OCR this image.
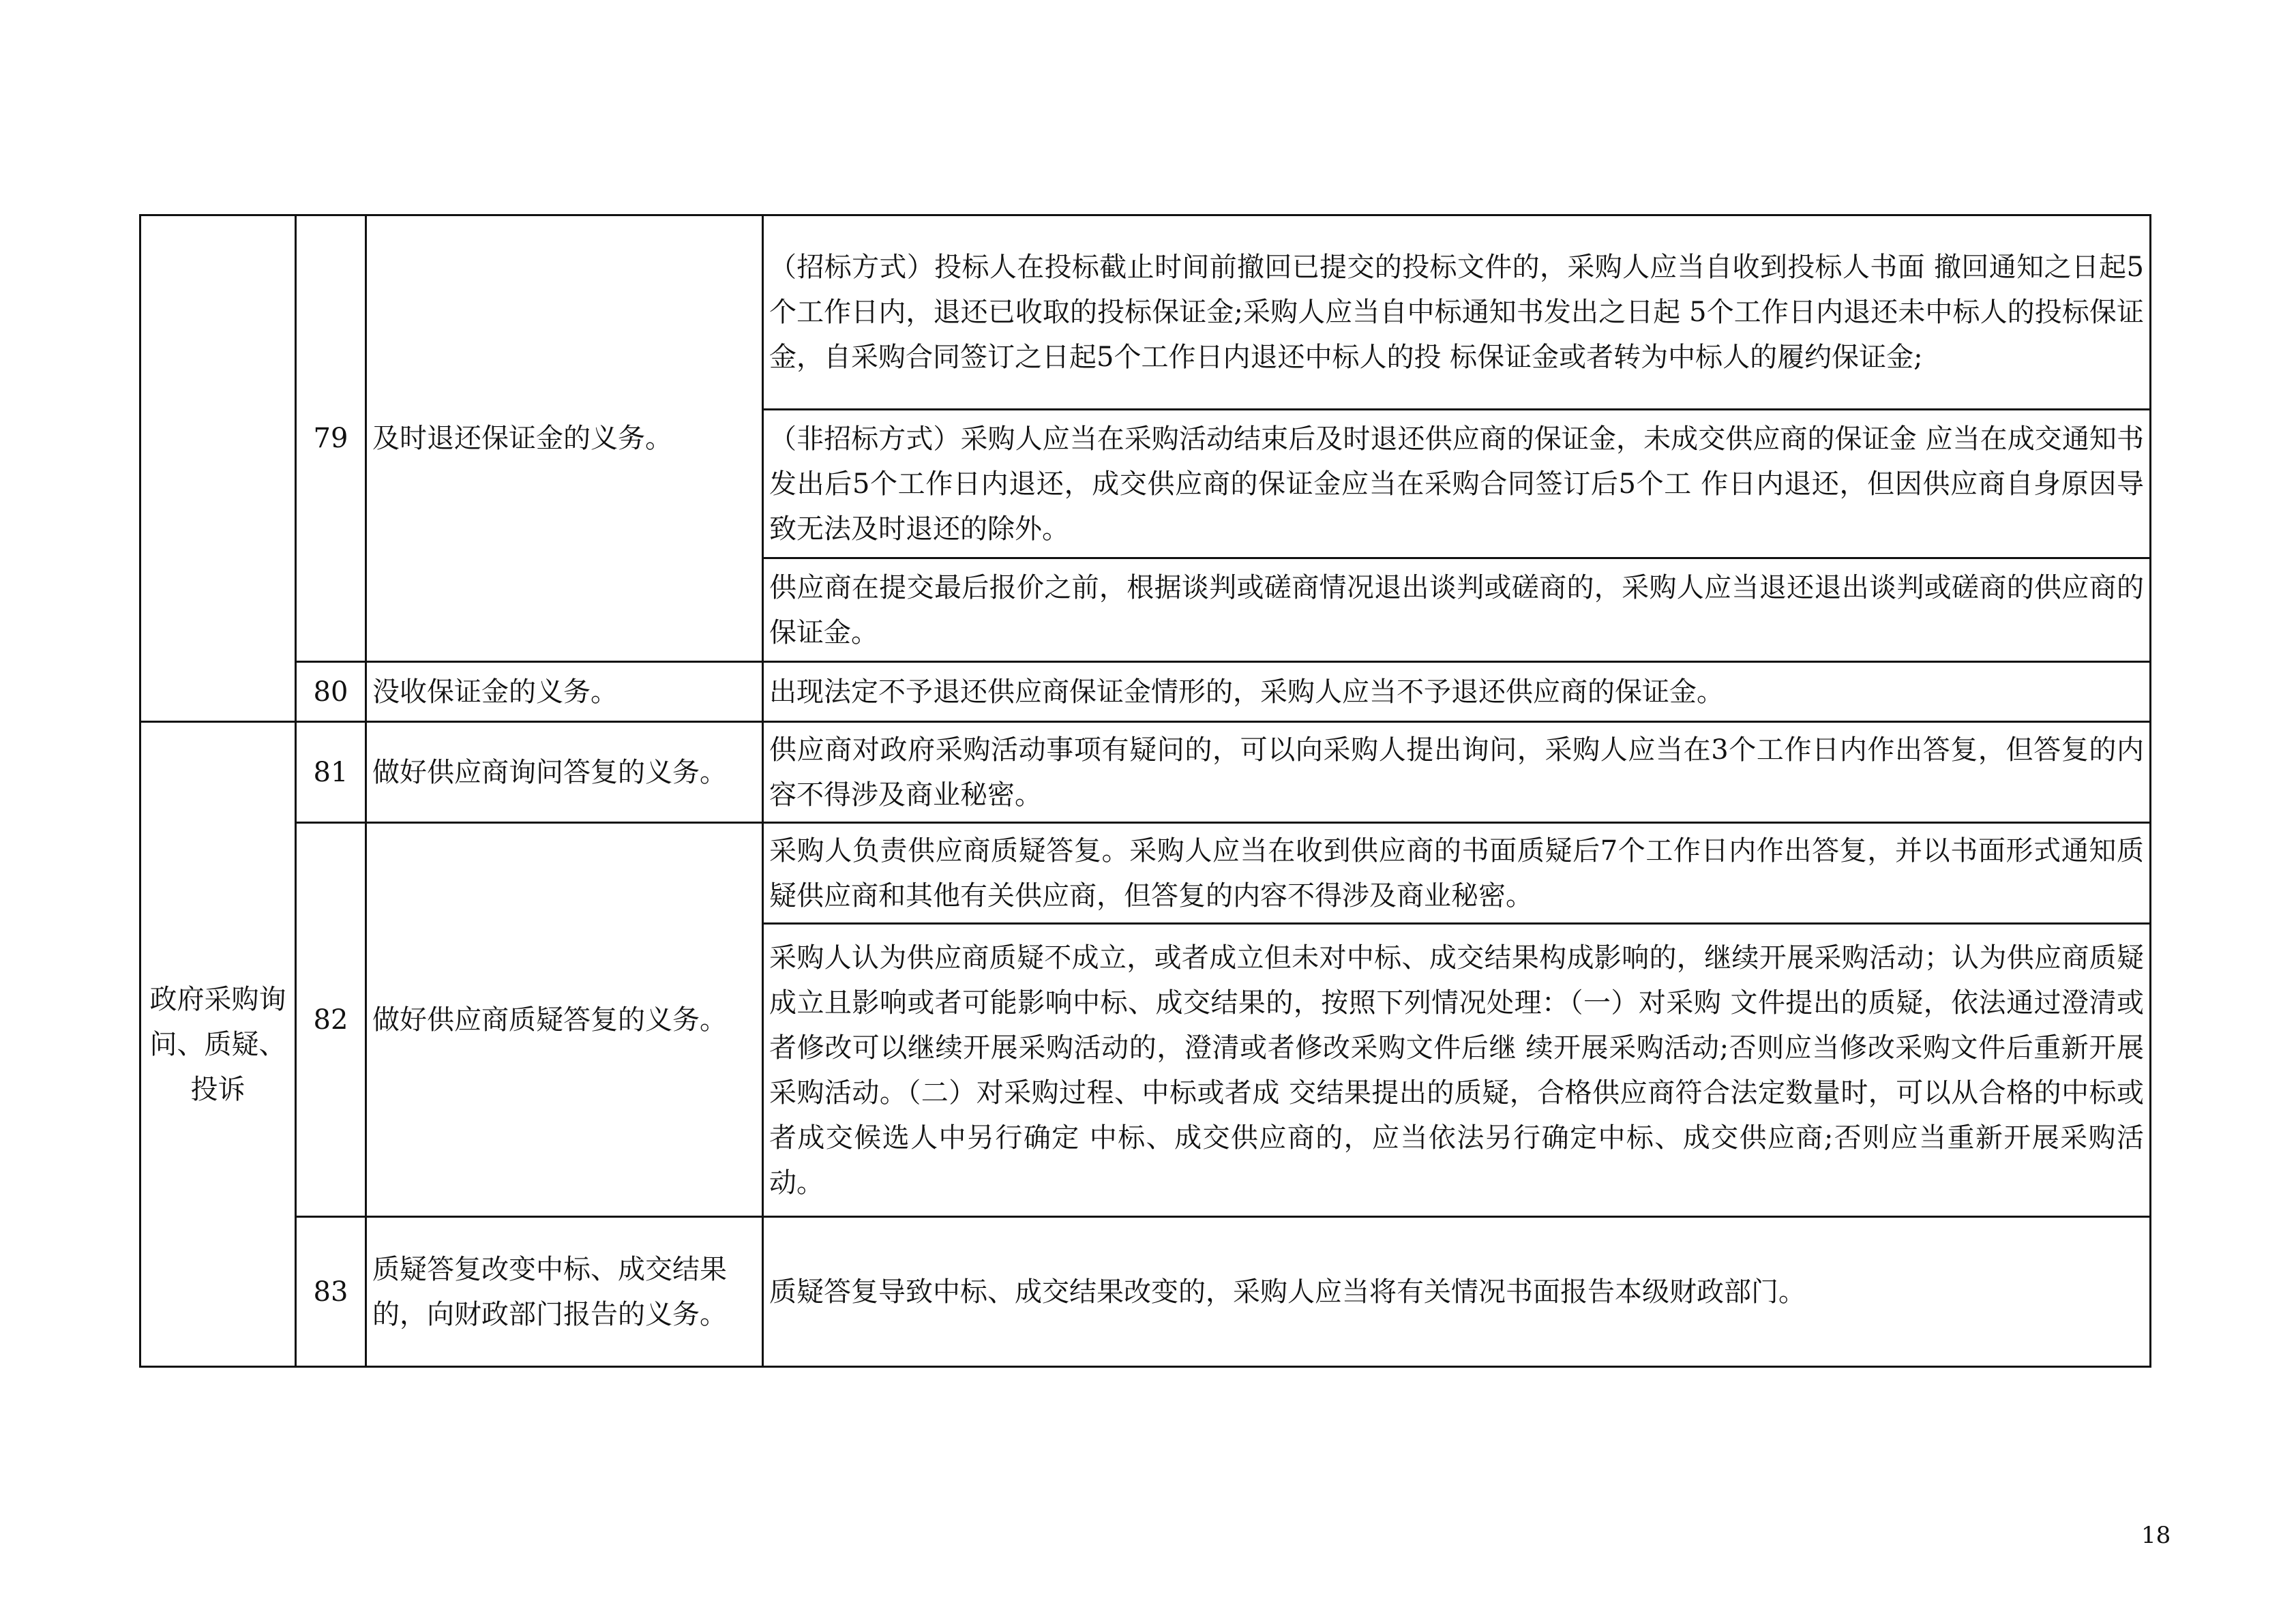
	79	及时退还保证金的义务。	（招标方式）投标人在投标截止时间前撤回已提交的投标文件的，采购人应当自收到投标人书面 撤回通知之日起5个工作日内，退还已收取的投标保证金;采购人应当自中标通知书发出之日起 5个工作日内退还未中标人的投标保证金，自采购合同签订之日起5个工作日内退还中标人的投 标保证金或者转为中标人的履约保证金;
			（非招标方式）采购人应当在采购活动结束后及时退还供应商的保证金，未成交供应商的保证金 应当在成交通知书发出后5个工作日内退还，成交供应商的保证金应当在采购合同签订后5个工 作日内退还，但因供应商自身原因导致无法及时退还的除外。
			供应商在提交最后报价之前，根据谈判或磋商情况退出谈判或磋商的，采购人应当退还退出谈判或磋商的供应商的保证金。
	80	没收保证金的义务。	出现法定不予退还供应商保证金情形的，采购人应当不予退还供应商的保证金。
政府采购询问、质疑、投诉	81	做好供应商询问答复的义务。	供应商对政府采购活动事项有疑问的，可以向采购人提出询问，采购人应当在3个工作日内作出答复，但答复的内容不得涉及商业秘密。
	82	做好供应商质疑答复的义务。	采购人负责供应商质疑答复。采购人应当在收到供应商的书面质疑后7个工作日内作出答复，并以书面形式通知质疑供应商和其他有关供应商，但答复的内容不得涉及商业秘密。
			采购人认为供应商质疑不成立，或者成立但未对中标、成交结果构成影响的，继续开展采购活动；认为供应商质疑成立且影响或者可能影响中标、成交结果的，按照下列情况处理：（一）对采购 文件提出的质疑，依法通过澄清或者修改可以继续开展采购活动的，澄清或者修改采购文件后继 续开展采购活动;否则应当修改采购文件后重新开展采购活动。（二）对采购过程、中标或者成 交结果提出的质疑，合格供应商符合法定数量时，可以从合格的中标或者成交候选人中另行确定 中标、成交供应商的，应当依法另行确定中标、成交供应商;否则应当重新开展采购活动。
	83	质疑答复改变中标、成交结果的，向财政部门报告的义务。	质疑答复导致中标、成交结果改变的，采购人应当将有关情况书面报告本级财政部门。
18
